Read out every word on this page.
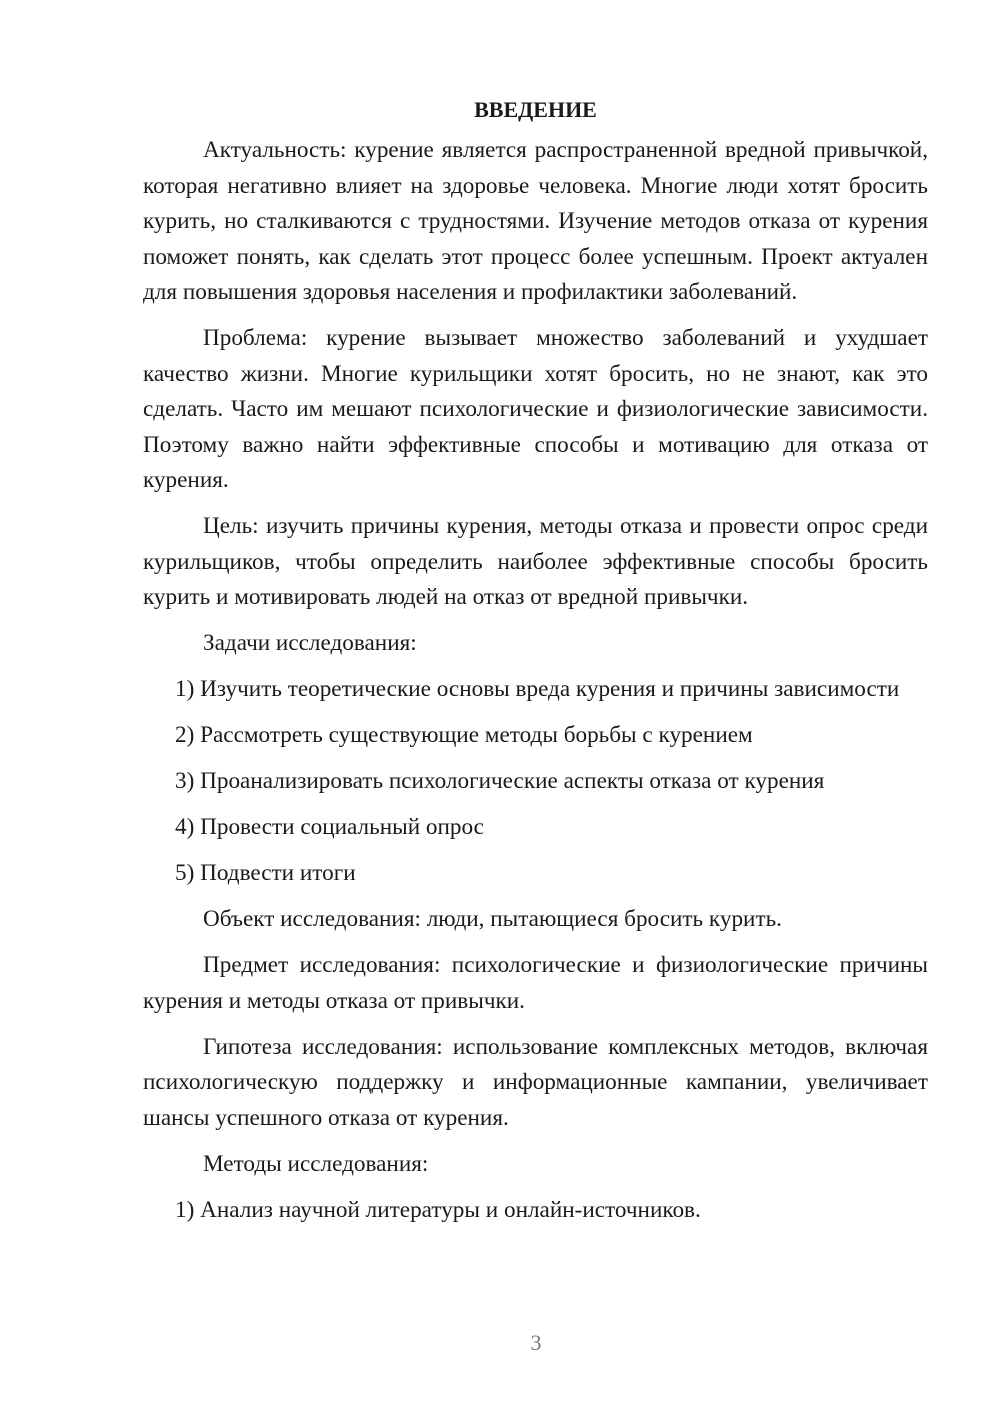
ВВЕДЕНИЕ

Актуальность: курение является распространенной вредной привычкой, которая негативно влияет на здоровье человека. Многие люди хотят бросить курить, но сталкиваются с трудностями. Изучение методов отказа от курения поможет понять, как сделать этот процесс более успешным. Проект актуален для повышения здоровья населения и профилактики заболеваний.

Проблема: курение вызывает множество заболеваний и ухудшает качество жизни. Многие курильщики хотят бросить, но не знают, как это сделать. Часто им мешают психологические и физиологические зависимости. Поэтому важно найти эффективные способы и мотивацию для отказа от курения.

Цель: изучить причины курения, методы отказа и провести опрос среди курильщиков, чтобы определить наиболее эффективные способы бросить курить и мотивировать людей на отказ от вредной привычки.

Задачи исследования:

1) Изучить теоретические основы вреда курения и причины зависимости

2) Рассмотреть существующие методы борьбы с курением

3) Проанализировать психологические аспекты отказа от курения

4) Провести социальный опрос

5) Подвести итоги

Объект исследования: люди, пытающиеся бросить курить.

Предмет исследования: психологические и физиологические причины курения и методы отказа от привычки.

Гипотеза исследования: использование комплексных методов, включая психологическую поддержку и информационные кампании, увеличивает шансы успешного отказа от курения.

Методы исследования:

1) Анализ научной литературы и онлайн-источников.

3
